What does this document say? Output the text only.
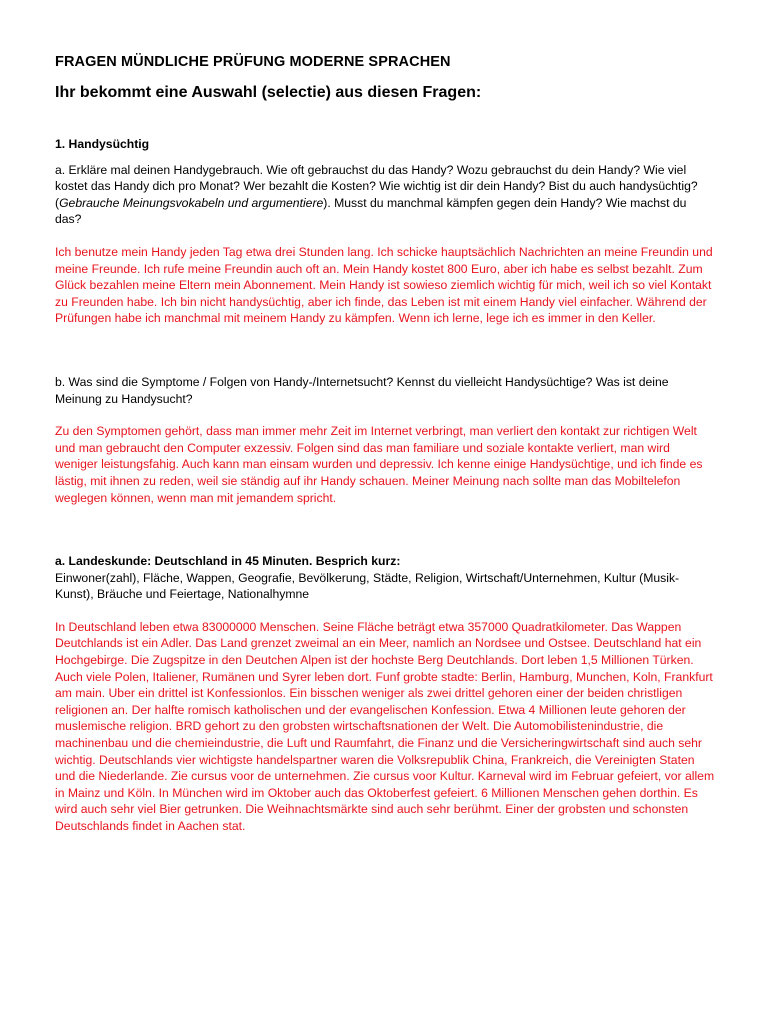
FRAGEN MÜNDLICHE PRÜFUNG MODERNE SPRACHEN

Ihr bekommt eine Auswahl (selectie) aus diesen Fragen:

1. Handysüchtig

a. Erkläre mal deinen Handygebrauch. Wie oft gebrauchst du das Handy? Wozu gebrauchst du dein Handy? Wie viel kostet das Handy dich pro Monat? Wer bezahlt die Kosten? Wie wichtig ist dir dein Handy? Bist du auch handysüchtig? (Gebrauche Meinungsvokabeln und argumentiere). Musst du manchmal kämpfen gegen dein Handy? Wie machst du das?

Ich benutze mein Handy jeden Tag etwa drei Stunden lang. Ich schicke hauptsächlich Nachrichten an meine Freundin und meine Freunde. Ich rufe meine Freundin auch oft an. Mein Handy kostet 800 Euro, aber ich habe es selbst bezahlt. Zum Glück bezahlen meine Eltern mein Abonnement. Mein Handy ist sowieso ziemlich wichtig für mich, weil ich so viel Kontakt zu Freunden habe. Ich bin nicht handysüchtig, aber ich finde, das Leben ist mit einem Handy viel einfacher. Während der Prüfungen habe ich manchmal mit meinem Handy zu kämpfen. Wenn ich lerne, lege ich es immer in den Keller.

b. Was sind die Symptome / Folgen von Handy-/Internetsucht? Kennst du vielleicht Handysüchtige? Was ist deine Meinung zu Handysucht?

Zu den Symptomen gehört, dass man immer mehr Zeit im Internet verbringt, man verliert den kontakt zur richtigen Welt und man gebraucht den Computer exzessiv. Folgen sind das man familiare und soziale kontakte verliert, man wird weniger leistungsfahig. Auch kann man einsam wurden und depressiv. Ich kenne einige Handysüchtige, und ich finde es lästig, mit ihnen zu reden, weil sie ständig auf ihr Handy schauen. Meiner Meinung nach sollte man das Mobiltelefon weglegen können, wenn man mit jemandem spricht.

a. Landeskunde: Deutschland in 45 Minuten. Besprich kurz:

Einwoner(zahl), Fläche, Wappen, Geografie, Bevölkerung, Städte, Religion, Wirtschaft/Unternehmen, Kultur (Musik-Kunst), Bräuche und Feiertage, Nationalhymne

In Deutschland leben etwa 83000000 Menschen. Seine Fläche beträgt etwa 357000 Quadratkilometer. Das Wappen Deutchlands ist ein Adler. Das Land grenzet zweimal an ein Meer, namlich an Nordsee und Ostsee. Deutschland hat ein Hochgebirge. Die Zugspitze in den Deutchen Alpen ist der hochste Berg Deutchlands. Dort leben 1,5 Millionen Türken. Auch viele Polen, Italiener, Rumänen und Syrer leben dort. Funf grobte stadte: Berlin, Hamburg, Munchen, Koln, Frankfurt am main. Uber ein drittel ist Konfessionlos. Ein bisschen weniger als zwei drittel gehoren einer der beiden christligen religionen an. Der halfte romisch katholischen und der evangelischen Konfession. Etwa 4 Millionen leute gehoren der muslemische religion. BRD gehort zu den grobsten wirtschaftsnationen der Welt. Die Automobilistenindustrie, die machinenbau und die chemieindustrie, die Luft und Raumfahrt, die Finanz und die Versicheringwirtschaft sind auch sehr wichtig. Deutschlands vier wichtigste handelspartner waren die Volksrepublik China, Frankreich, die Vereinigten Staten und die Niederlande. Zie cursus voor de unternehmen. Zie cursus voor Kultur. Karneval wird im Februar gefeiert, vor allem in Mainz und Köln. In München wird im Oktober auch das Oktoberfest gefeiert. 6 Millionen Menschen gehen dorthin. Es wird auch sehr viel Bier getrunken. Die Weihnachtsmärkte sind auch sehr berühmt. Einer der grobsten und schonsten Deutschlands findet in Aachen stat.
